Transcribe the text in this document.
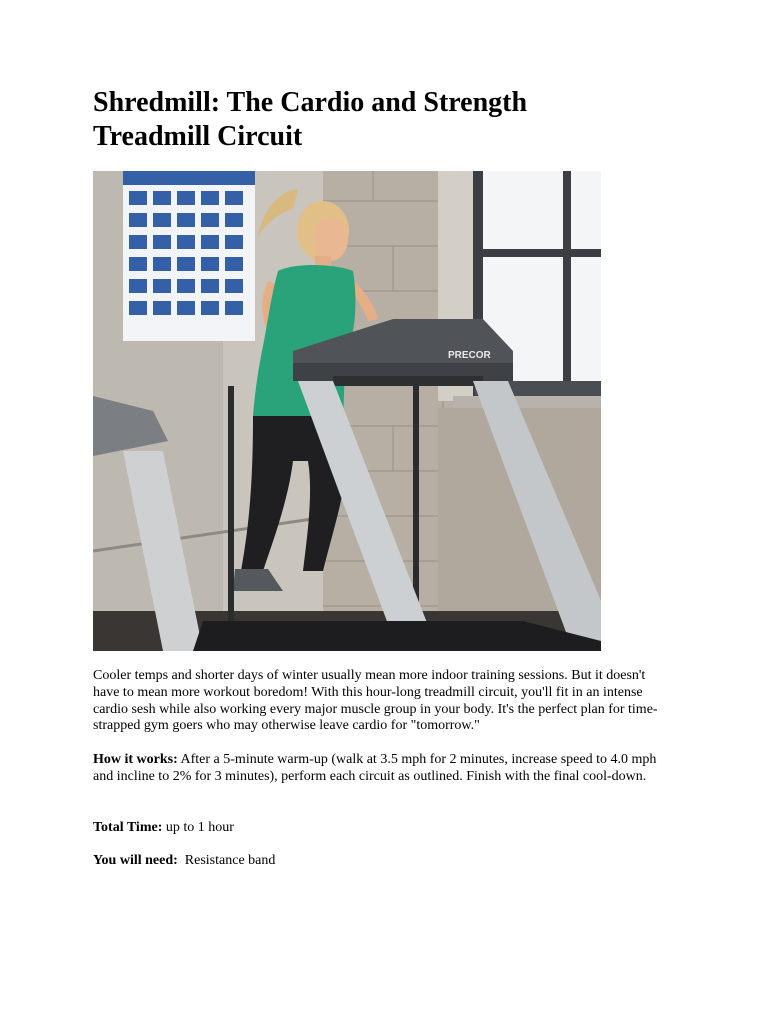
Shredmill: The Cardio and Strength
Treadmill Circuit
PRECOR

Cooler temps and shorter days of winter usually mean more indoor training sessions. But it doesn't have to mean more workout boredom! With this hour-long treadmill circuit, you'll fit in an intense cardio sesh while also working every major muscle group in your body. It's the perfect plan for time-strapped gym goers who may otherwise leave cardio for "tomorrow."

How it works: After a 5-minute warm-up (walk at 3.5 mph for 2 minutes, increase speed to 4.0 mph and incline to 2% for 3 minutes), perform each circuit as outlined. Finish with the final cool-down.

Total Time: up to 1 hour

You will need:  Resistance band
